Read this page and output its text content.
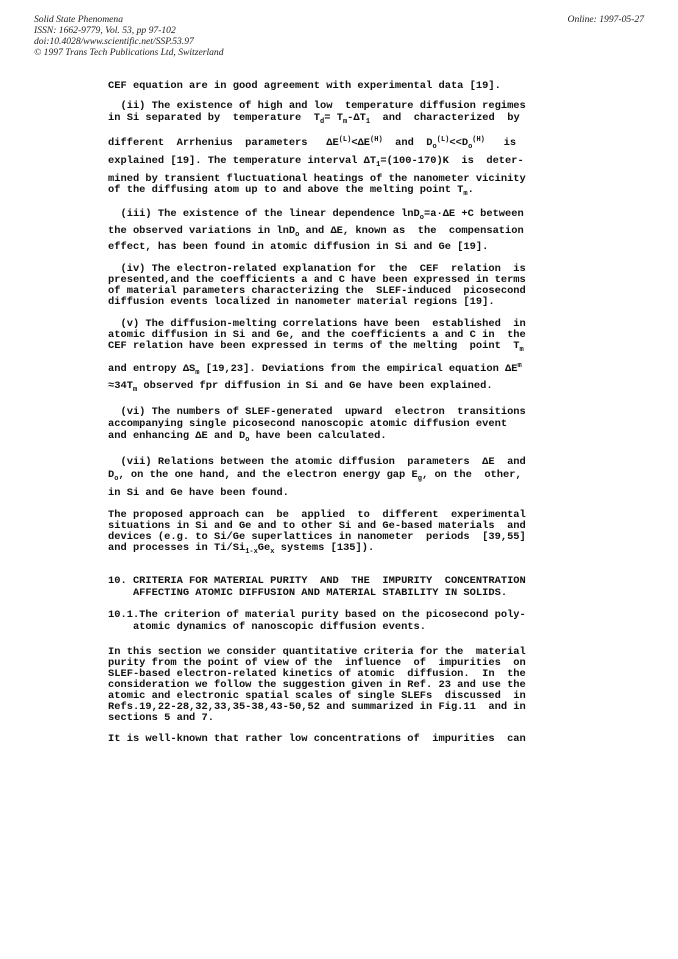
Solid State Phenomena
ISSN: 1662-9779, Vol. 53, pp 97-102
doi:10.4028/www.scientific.net/SSP.53.97
© 1997 Trans Tech Publications Ltd, Switzerland
Online: 1997-05-27
CEF equation are in good agreement with experimental data [19].
(ii) The existence of high and low  temperature diffusion regimes
in Si separated by  temperature  $T_d= T_m-\Delta T_1$  and  characterized  by
different  Arrhenius  parameters   $\Delta E^{(L)}<\Delta E^{(H)}$  and  $D_o^{(L)}<<D_o^{(H)}$   is
explained [19]. The temperature interval $\Delta T_1=(100-170)K$  is  deter-
mined by transient fluctuational heatings of the nanometer vicinity
of the diffusing atom up to and above the melting point $T_m$.
(iii) The existence of the linear dependence lnD$_o$=a·ΔE +C between
the observed variations in lnD$_o$ and ΔE, known as  the  compensation
effect, has been found in atomic diffusion in Si and Ge [19].
(iv) The electron-related explanation for  the  CEF  relation  is
presented,and the coefficients a and C have been expressed in terms
of material parameters characterizing the  SLEF-induced  picosecond
diffusion events localized in nanometer material regions [19].
(v) The diffusion-melting correlations have been  established  in
atomic diffusion in Si and Ge, and the coefficients a and C in  the
CEF relation have been expressed in terms of the melting  point  $T_m$
and entropy $\Delta S_m$ [19,23]. Deviations from the empirical equation $\Delta E^m$
$\approx 34T_m$ observed fpr diffusion in Si and Ge have been explained.
(vi) The numbers of SLEF-generated  upward  electron  transitions
accompanying single picosecond nanoscopic atomic diffusion event
and enhancing ΔE and $D_o$ have been calculated.
(vii) Relations between the atomic diffusion  parameters  ΔE  and
$D_o$, on the one hand, and the electron energy gap $E_g$, on the  other,
in Si and Ge have been found.
The proposed approach can  be  applied  to  different  experimental
situations in Si and Ge and to other Si and Ge-based materials  and
devices (e.g. to Si/Ge superlattices in nanometer  periods  [39,55]
and processes in $Ti/Si_{1-x}Ge_x$ systems [135]).
10. CRITERIA FOR MATERIAL PURITY  AND  THE  IMPURITY  CONCENTRATION
AFFECTING ATOMIC DIFFUSION AND MATERIAL STABILITY IN SOLIDS.
10.1.The criterion of material purity based on the picosecond poly-
atomic dynamics of nanoscopic diffusion events.
In this section we consider quantitative criteria for the  material
purity from the point of view of the  influence  of  impurities  on
SLEF-based electron-related kinetics of atomic  diffusion.  In  the
consideration we follow the suggestion given in Ref. 23 and use the
atomic and electronic spatial scales of single SLEFs  discussed  in
Refs.19,22-28,32,33,35-38,43-50,52 and summarized in Fig.11  and in
sections 5 and 7.
It is well-known that rather low concentrations of  impurities  can
